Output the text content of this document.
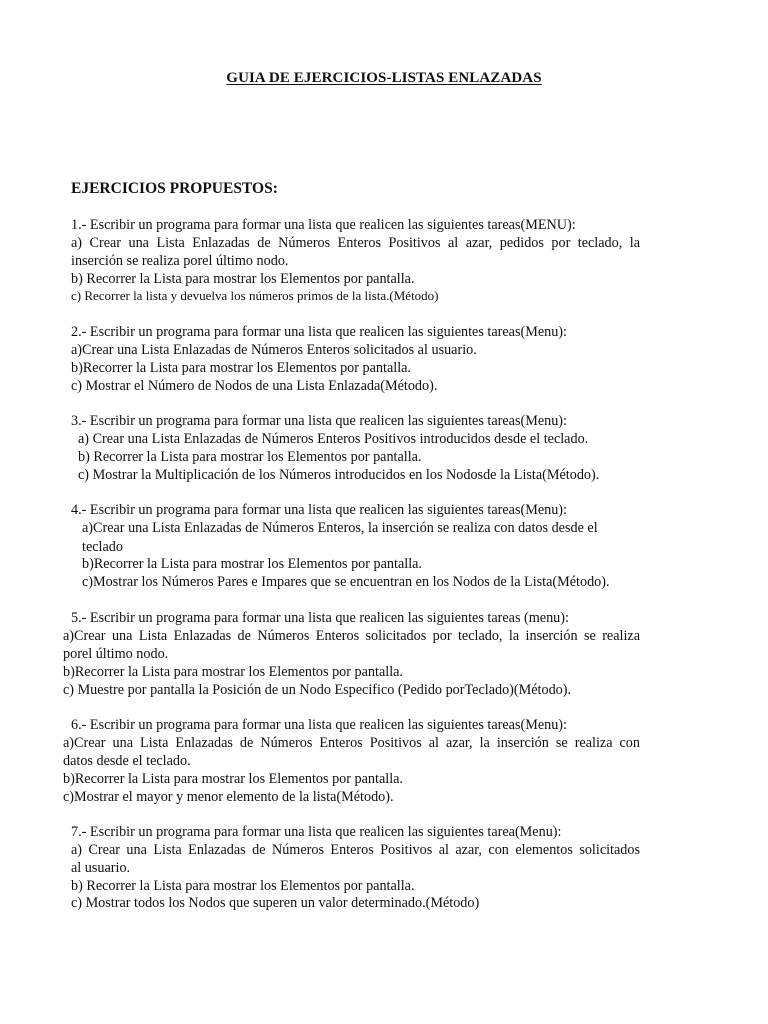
GUIA DE EJERCICIOS-LISTAS ENLAZADAS
EJERCICIOS PROPUESTOS:
1.- Escribir un programa para formar una lista que realicen las siguientes tareas(MENU):
a) Crear una Lista Enlazadas de Números Enteros Positivos al azar, pedidos por teclado, la
inserción se realiza porel último nodo.
b) Recorrer la Lista para mostrar los Elementos por pantalla.
c) Recorrer la lista y devuelva los números primos de la lista.(Método)
2.- Escribir un programa para formar una lista que realicen las siguientes tareas(Menu):
a)Crear una Lista Enlazadas de Números Enteros solicitados al usuario.
b)Recorrer la Lista para mostrar los Elementos por pantalla.
c) Mostrar el Número de Nodos de una Lista Enlazada(Método).
3.- Escribir un programa para formar una lista que realicen las siguientes tareas(Menu):
a) Crear una Lista Enlazadas de Números Enteros Positivos introducidos desde el teclado.
b) Recorrer la Lista para mostrar los Elementos por pantalla.
c) Mostrar la Multiplicación de los Números introducidos en los Nodosde la Lista(Método).
4.- Escribir un programa para formar una lista que realicen las siguientes tareas(Menu):
a)Crear una Lista Enlazadas de Números Enteros, la inserción se realiza con datos desde el
teclado
b)Recorrer la Lista para mostrar los Elementos por pantalla.
c)Mostrar los Números Pares e Impares que se encuentran en los Nodos de la Lista(Método).
5.- Escribir un programa para formar una lista que realicen las siguientes tareas (menu):
a)Crear una Lista Enlazadas de Números Enteros solicitados por teclado, la inserción se realiza
porel último nodo.
b)Recorrer la Lista para mostrar los Elementos por pantalla.
c) Muestre por pantalla la Posición de un Nodo Especifico (Pedido porTeclado)(Método).
6.- Escribir un programa para formar una lista que realicen las siguientes tareas(Menu):
a)Crear una Lista Enlazadas de Números Enteros Positivos al azar, la inserción se realiza con
datos desde el teclado.
b)Recorrer la Lista para mostrar los Elementos por pantalla.
c)Mostrar el mayor y menor elemento de la lista(Método).
7.- Escribir un programa para formar una lista que realicen las siguientes tarea(Menu):
a) Crear una Lista Enlazadas de Números Enteros Positivos al azar, con elementos solicitados
al usuario.
b) Recorrer la Lista para mostrar los Elementos por pantalla.
c) Mostrar todos los Nodos que superen un valor determinado.(Método)
